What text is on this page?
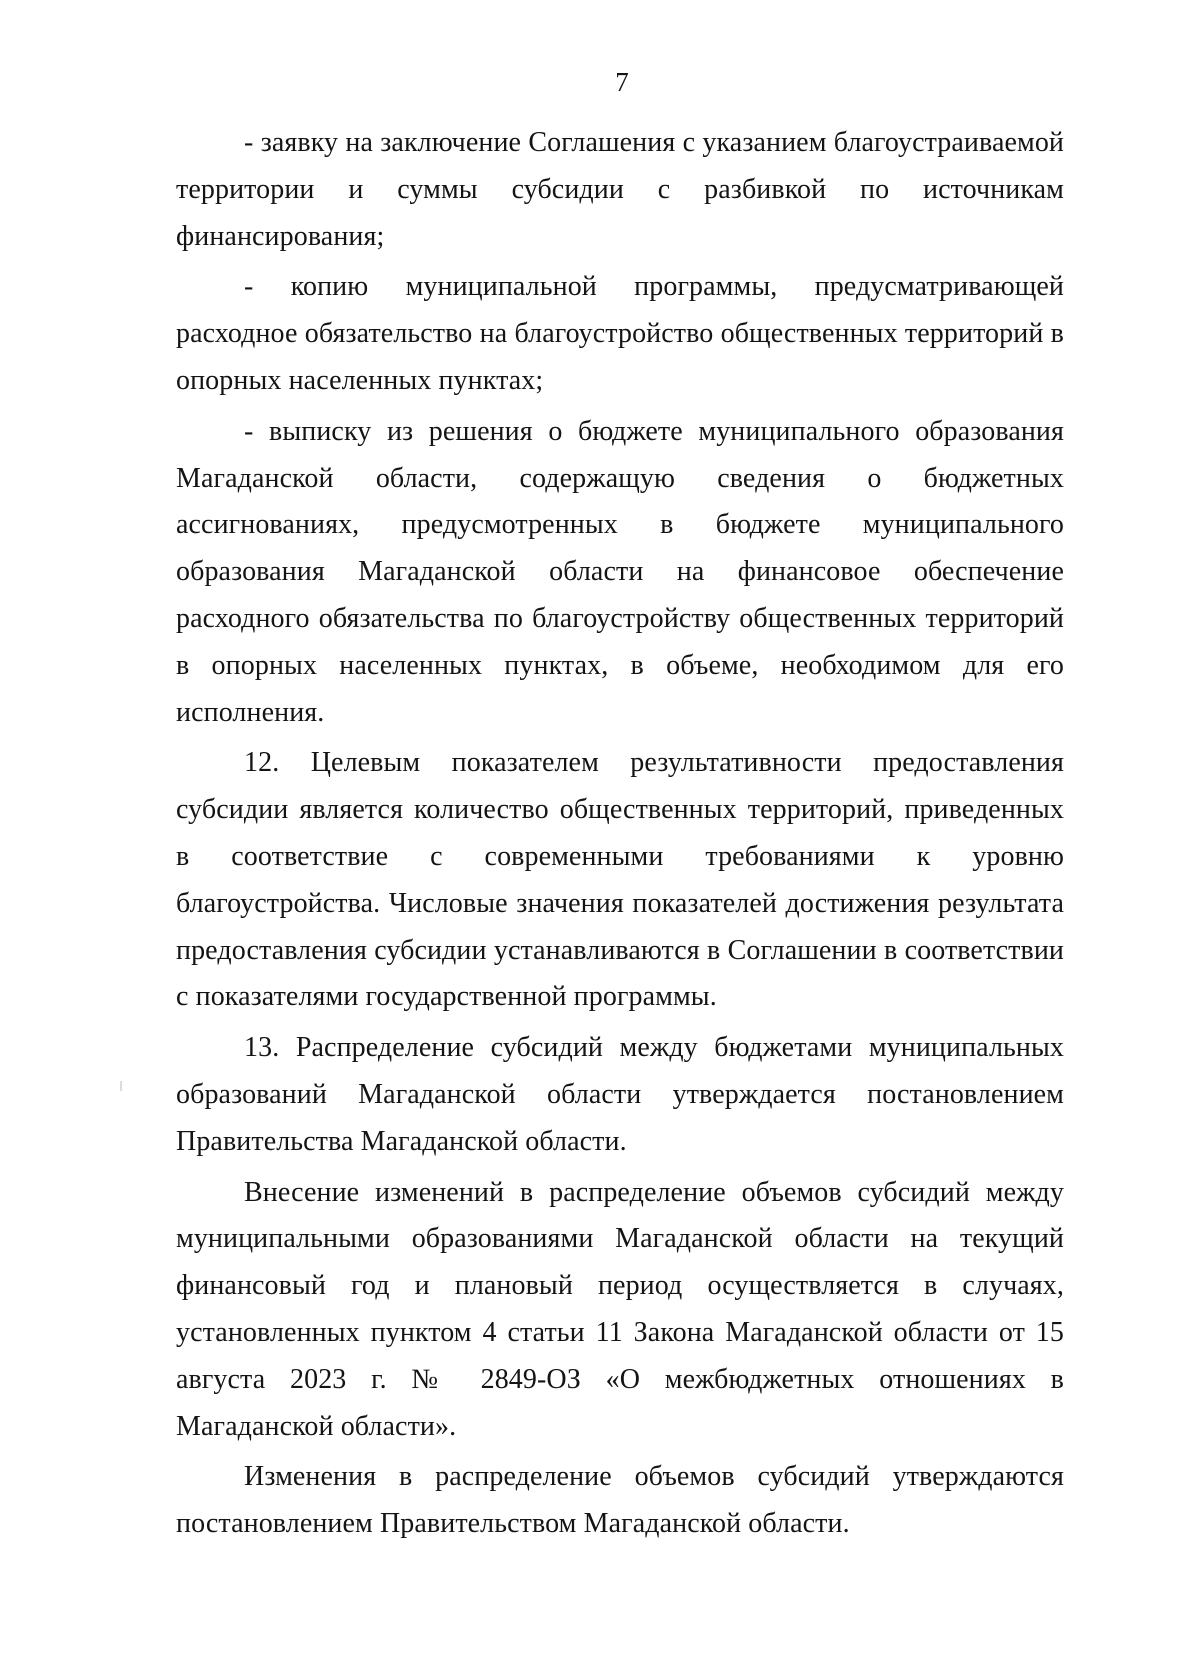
7

- заявку на заключение Соглашения с указанием благоустраиваемой территории и суммы субсидии с разбивкой по источникам финансирования;

- копию муниципальной программы, предусматривающей расходное обязательство на благоустройство общественных территорий в опорных населенных пунктах;

- выписку из решения о бюджете муниципального образования Магаданской области, содержащую сведения о бюджетных ассигнованиях, предусмотренных в бюджете муниципального образования Магаданской области на финансовое обеспечение расходного обязательства по благоустройству общественных территорий в опорных населенных пунктах, в объеме, необходимом для его исполнения.

12. Целевым показателем результативности предоставления субсидии является количество общественных территорий, приведенных в соответствие с современными требованиями к уровню благоустройства. Числовые значения показателей достижения результата предоставления субсидии устанавливаются в Соглашении в соответствии с показателями государственной программы.

13. Распределение субсидий между бюджетами муниципальных образований Магаданской области утверждается постановлением Правительства Магаданской области.

Внесение изменений в распределение объемов субсидий между муниципальными образованиями Магаданской области на текущий финансовый год и плановый период осуществляется в случаях, установленных пунктом 4 статьи 11 Закона Магаданской области от 15 августа 2023 г. № 2849-ОЗ «О межбюджетных отношениях в Магаданской области».

Изменения в распределение объемов субсидий утверждаются постановлением Правительством Магаданской области.
